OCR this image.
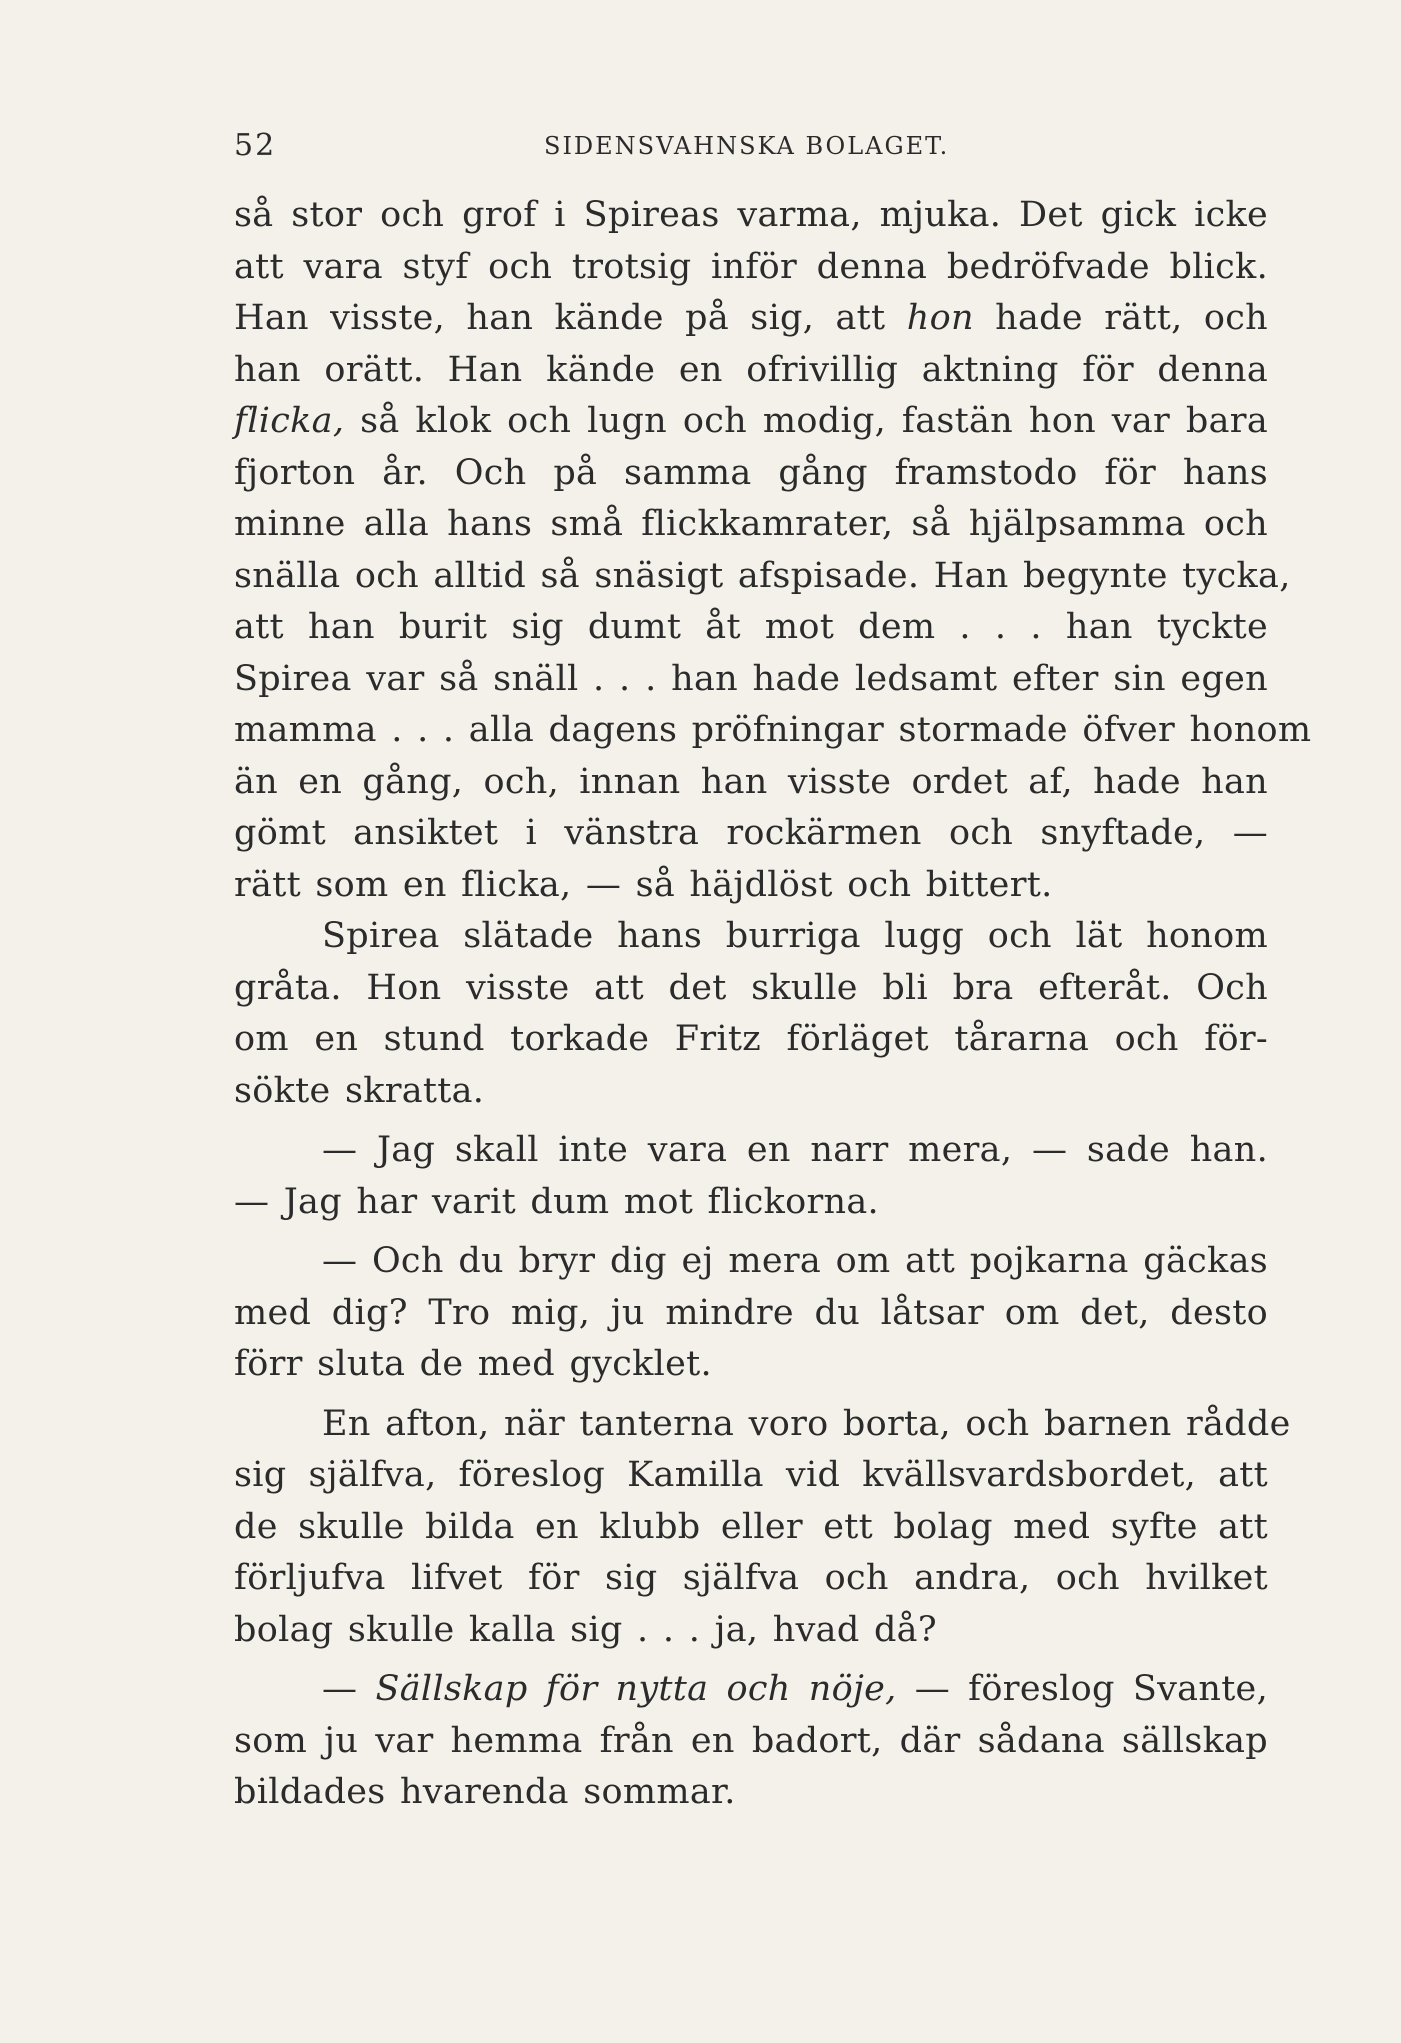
52	SIDENSVAHNSKA BOLAGET.
så stor och grof i Spireas varma, mjuka. Det gick icke
att vara styf och trotsig inför denna bedröfvade blick.
Han visste, han kände på sig, att hon hade rätt, och
han orätt. Han kände en ofrivillig aktning för denna
flicka, så klok och lugn och modig, fastän hon var bara
fjorton år. Och på samma gång framstodo för hans
minne alla hans små flickkamrater, så hjälpsamma och
snälla och alltid så snäsigt afspisade. Han begynte tycka,
att han burit sig dumt åt mot dem . . . han tyckte
Spirea var så snäll . . . han hade ledsamt efter sin egen
mamma . . . alla dagens pröfningar stormade öfver honom
än en gång, och, innan han visste ordet af, hade han
gömt ansiktet i vänstra rockärmen och snyftade, —
rätt som en flicka, — så häjdlöst och bittert.
Spirea slätade hans burriga lugg och lät honom
gråta. Hon visste att det skulle bli bra efteråt. Och
om en stund torkade Fritz förläget tårarna och för-
sökte skratta.
— Jag skall inte vara en narr mera, — sade han.
— Jag har varit dum mot flickorna.
— Och du bryr dig ej mera om att pojkarna gäckas
med dig? Tro mig, ju mindre du låtsar om det, desto
förr sluta de med gycklet.
En afton, när tanterna voro borta, och barnen rådde
sig själfva, föreslog Kamilla vid kvällsvardsbordet, att
de skulle bilda en klubb eller ett bolag med syfte att
förljufva lifvet för sig själfva och andra, och hvilket
bolag skulle kalla sig . . . ja, hvad då?
— Sällskap för nytta och nöje, — föreslog Svante,
som ju var hemma från en badort, där sådana sällskap
bildades hvarenda sommar.
